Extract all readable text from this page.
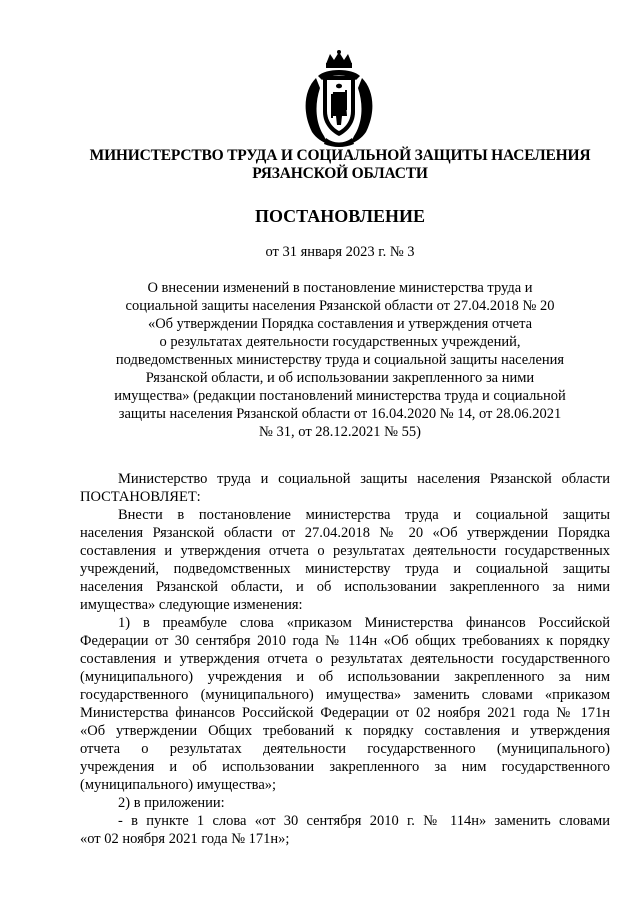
МИНИСТЕРСТВО ТРУДА И СОЦИАЛЬНОЙ ЗАЩИТЫ НАСЕЛЕНИЯ
РЯЗАНСКОЙ ОБЛАСТИ
ПОСТАНОВЛЕНИЕ
от 31 января 2023 г. № 3
О внесении изменений в постановление министерства труда и
социальной защиты населения Рязанской области от 27.04.2018 № 20
«Об утверждении Порядка составления и утверждения отчета
о результатах деятельности государственных учреждений,
подведомственных министерству труда и социальной защиты населения
Рязанской области, и об использовании закрепленного за ними
имущества» (редакции постановлений министерства труда и социальной
защиты населения Рязанской области от 16.04.2020 № 14, от 28.06.2021
№ 31, от 28.12.2021 № 55)
Министерство труда и социальной защиты населения Рязанской области
ПОСТАНОВЛЯЕТ:
Внести в постановление министерства труда и социальной защиты
населения Рязанской области от 27.04.2018 № 20 «Об утверждении Порядка
составления и утверждения отчета о результатах деятельности государственных
учреждений, подведомственных министерству труда и социальной защиты
населения Рязанской области, и об использовании закрепленного за ними
имущества» следующие изменения:
1) в преамбуле слова «приказом Министерства финансов Российской
Федерации от 30 сентября 2010 года № 114н «Об общих требованиях к порядку
составления и утверждения отчета о результатах деятельности государственного
(муниципального) учреждения и об использовании закрепленного за ним
государственного (муниципального) имущества» заменить словами «приказом
Министерства финансов Российской Федерации от 02 ноября 2021 года № 171н
«Об утверждении Общих требований к порядку составления и утверждения
отчета о результатах деятельности государственного (муниципального)
учреждения и об использовании закрепленного за ним государственного
(муниципального) имущества»;
2) в приложении:
- в пункте 1 слова «от 30 сентября 2010 г. № 114н» заменить словами
«от 02 ноября 2021 года № 171н»;
